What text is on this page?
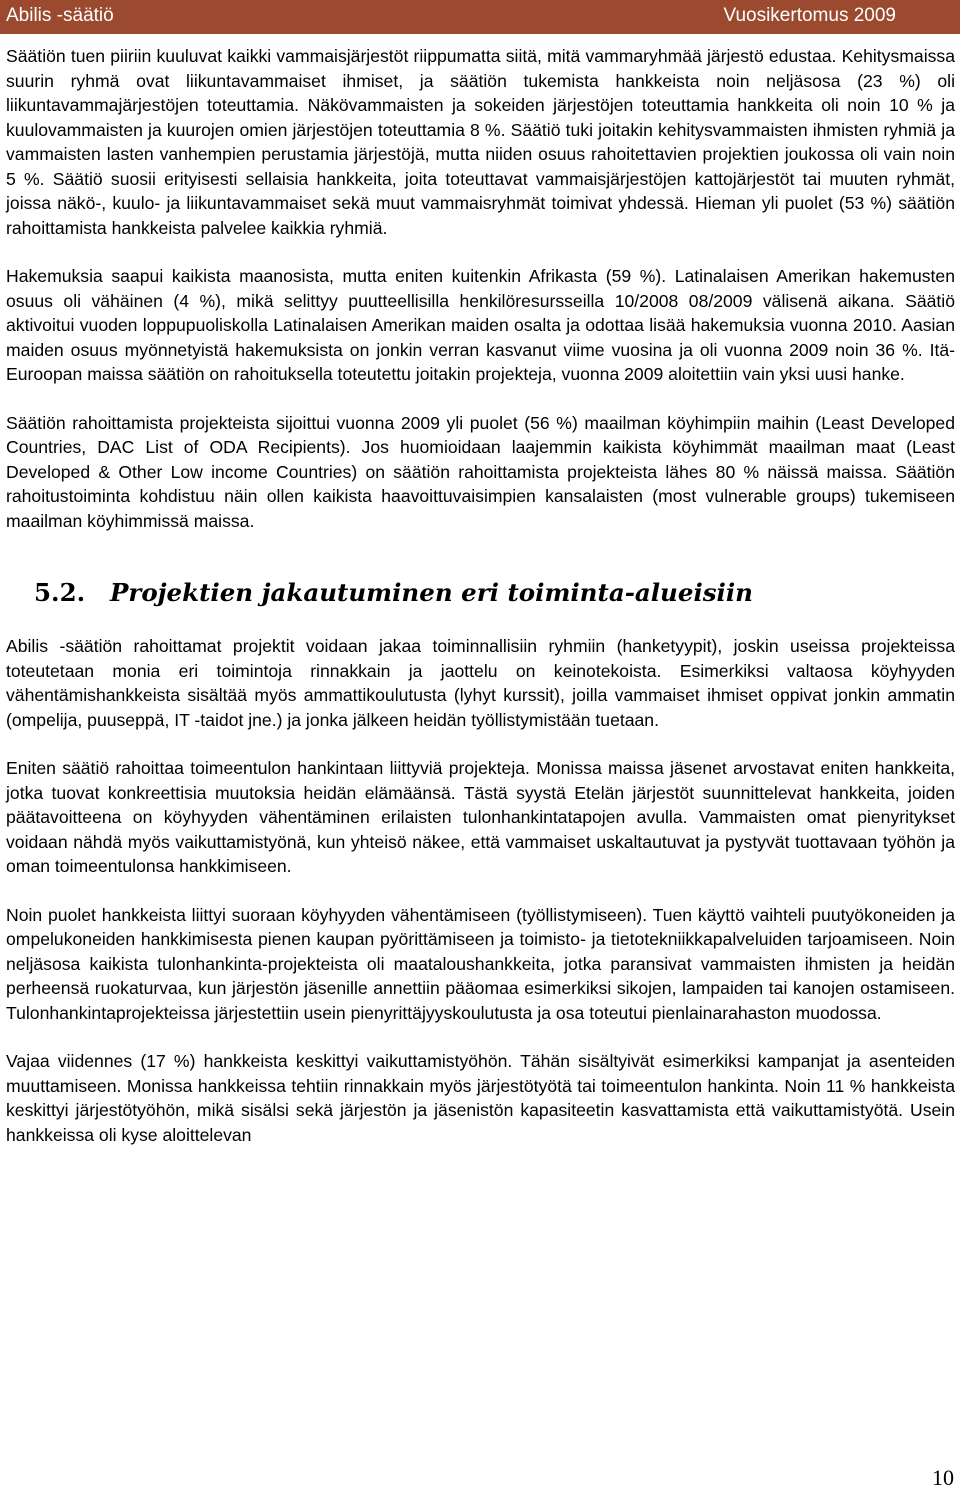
Abilis -säätiö	Vuosikertomus 2009

Säätiön tuen piiriin kuuluvat kaikki vammaisjärjestöt riippumatta siitä, mitä vammaryhmää järjestö edustaa. Kehitysmaissa suurin ryhmä ovat liikuntavammaiset ihmiset, ja säätiön tukemista hankkeista noin neljäsosa (23 %) oli liikuntavammajärjestöjen toteuttamia. Näkövammaisten ja sokeiden järjestöjen toteuttamia hankkeita oli noin 10 % ja kuulovammaisten ja kuurojen omien järjestöjen toteuttamia 8 %. Säätiö tuki joitakin kehitysvammaisten ihmisten ryhmiä ja vammaisten lasten vanhempien perustamia järjestöjä, mutta niiden osuus rahoitettavien projektien joukossa oli vain noin 5 %. Säätiö suosii erityisesti sellaisia hankkeita, joita toteuttavat vammaisjärjestöjen kattojärjestöt tai muuten ryhmät, joissa näkö-, kuulo- ja liikuntavammaiset sekä muut vammaisryhmät toimivat yhdessä. Hieman yli puolet (53 %) säätiön rahoittamista hankkeista palvelee kaikkia ryhmiä.

Hakemuksia saapui kaikista maanosista, mutta eniten kuitenkin Afrikasta (59 %). Latinalaisen Amerikan hakemusten osuus oli vähäinen (4 %), mikä selittyy puutteellisilla henkilöresursseilla 10/2008 08/2009 välisenä aikana. Säätiö aktivoitui vuoden loppupuoliskolla Latinalaisen Amerikan maiden osalta ja odottaa lisää hakemuksia vuonna 2010. Aasian maiden osuus myönnetyistä hakemuksista on jonkin verran kasvanut viime vuosina ja oli vuonna 2009 noin 36 %. Itä-Euroopan maissa säätiön on rahoituksella toteutettu joitakin projekteja, vuonna 2009 aloitettiin vain yksi uusi hanke.

Säätiön rahoittamista projekteista sijoittui vuonna 2009 yli puolet (56 %) maailman köyhimpiin maihin (Least Developed Countries, DAC List of ODA Recipients). Jos huomioidaan laajemmin kaikista köyhimmät maailman maat (Least Developed & Other Low income Countries) on säätiön rahoittamista projekteista lähes 80 % näissä maissa. Säätiön rahoitustoiminta kohdistuu näin ollen kaikista haavoittuvaisimpien kansalaisten (most vulnerable groups) tukemiseen maailman köyhimmissä maissa.

5.2. Projektien jakautuminen eri toiminta-alueisiin

Abilis -säätiön rahoittamat projektit voidaan jakaa toiminnallisiin ryhmiin (hanketyypit), joskin useissa projekteissa toteutetaan monia eri toimintoja rinnakkain ja jaottelu on keinotekoista. Esimerkiksi valtaosa köyhyyden vähentämishankkeista sisältää myös ammattikoulutusta (lyhyt kurssit), joilla vammaiset ihmiset oppivat jonkin ammatin (ompelija, puuseppä, IT -taidot jne.) ja jonka jälkeen heidän työllistymistään tuetaan.

Eniten säätiö rahoittaa toimeentulon hankintaan liittyviä projekteja. Monissa maissa jäsenet arvostavat eniten hankkeita, jotka tuovat konkreettisia muutoksia heidän elämäänsä. Tästä syystä Etelän järjestöt suunnittelevat hankkeita, joiden päätavoitteena on köyhyyden vähentäminen erilaisten tulonhankintatapojen avulla. Vammaisten omat pienyritykset voidaan nähdä myös vaikuttamistyönä, kun yhteisö näkee, että vammaiset uskaltautuvat ja pystyvät tuottavaan työhön ja oman toimeentulonsa hankkimiseen.

Noin puolet hankkeista liittyi suoraan köyhyyden vähentämiseen (työllistymiseen). Tuen käyttö vaihteli puutyökoneiden ja ompelukoneiden hankkimisesta pienen kaupan pyörittämiseen ja toimisto- ja tietotekniikkapalveluiden tarjoamiseen. Noin neljäsosa kaikista tulonhankinta-projekteista oli maataloushankkeita, jotka paransivat vammaisten ihmisten ja heidän perheensä ruokaturvaa, kun järjestön jäsenille annettiin pääomaa esimerkiksi sikojen, lampaiden tai kanojen ostamiseen. Tulonhankintaprojekteissa järjestettiin usein pienyrittäjyyskoulutusta ja osa toteutui pienlainarahaston muodossa.

Vajaa viidennes (17 %) hankkeista keskittyi vaikuttamistyöhön. Tähän sisältyivät esimerkiksi kampanjat ja asenteiden muuttamiseen. Monissa hankkeissa tehtiin rinnakkain myös järjestötyötä tai toimeentulon hankinta. Noin 11 % hankkeista keskittyi järjestötyöhön, mikä sisälsi sekä järjestön ja jäsenistön kapasiteetin kasvattamista että vaikuttamistyötä. Usein hankkeissa oli kyse aloittelevan

10
